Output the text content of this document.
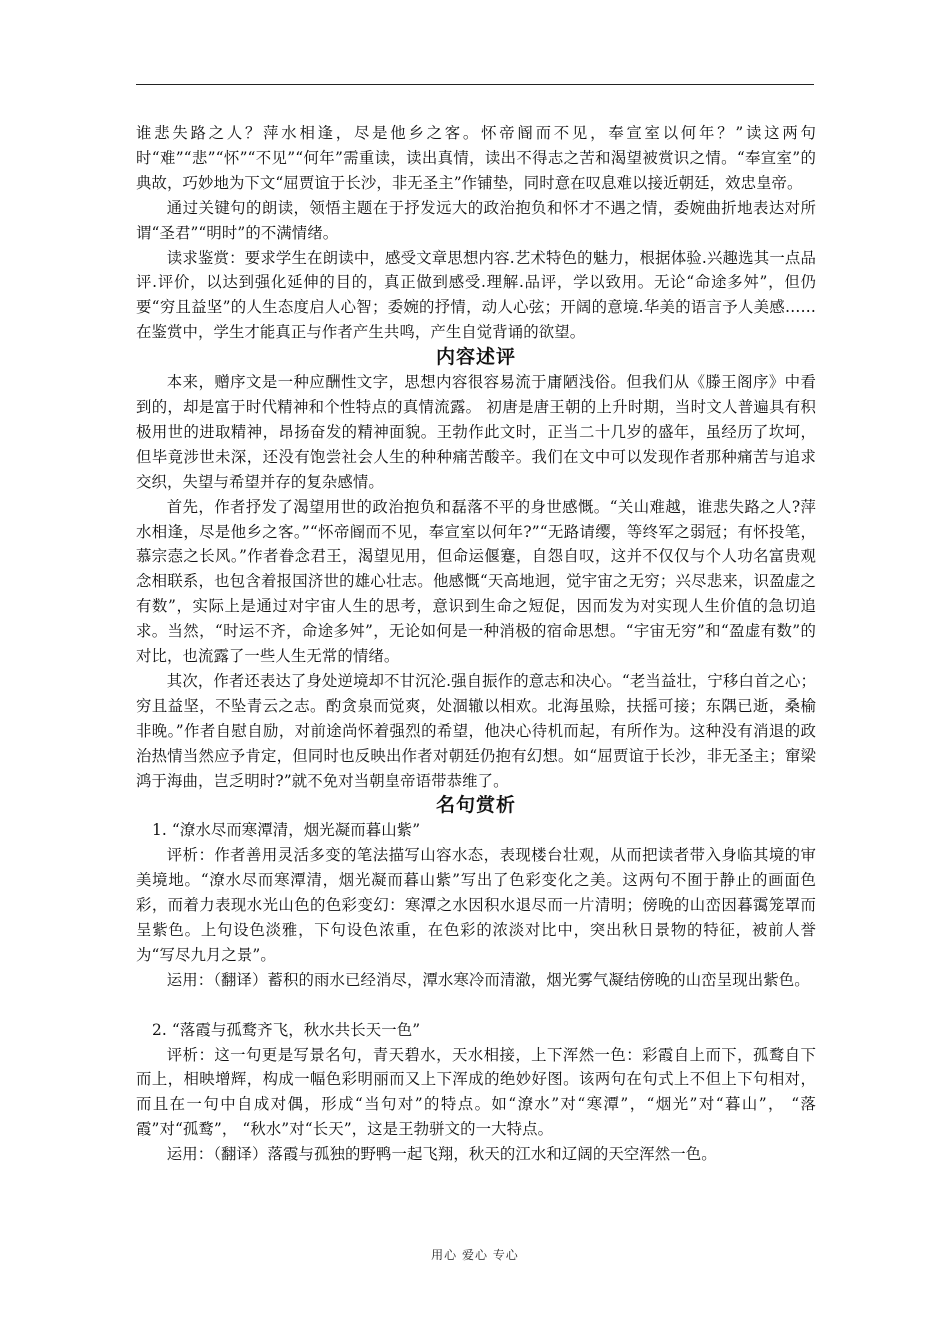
谁悲失路之人？萍水相逢，尽是他乡之客。怀帝阍而不见，奉宣室以何年？”读这两句时“难”“悲”“怀”“不见”“何年”需重读，读出真情，读出不得志之苦和渴望被赏识之情。“奉宣室”的典故，巧妙地为下文“屈贾谊于长沙，非无圣主”作铺垫，同时意在叹息难以接近朝廷，效忠皇帝。

通过关键句的朗读，领悟主题在于抒发远大的政治抱负和怀才不遇之情，委婉曲折地表达对所谓“圣君”“明时”的不满情绪。

读求鉴赏：要求学生在朗读中，感受文章思想内容.艺术特色的魅力，根据体验.兴趣选其一点品评.评价，以达到强化延伸的目的，真正做到感受.理解.品评，学以致用。无论“命途多舛”，但仍要“穷且益坚”的人生态度启人心智；委婉的抒情，动人心弦；开阔的意境.华美的语言予人美感……在鉴赏中，学生才能真正与作者产生共鸣，产生自觉背诵的欲望。

内容述评

本来，赠序文是一种应酬性文字，思想内容很容易流于庸陋浅俗。但我们从《滕王阁序》中看到的，却是富于时代精神和个性特点的真情流露。 初唐是唐王朝的上升时期，当时文人普遍具有积极用世的进取精神，昂扬奋发的精神面貌。王勃作此文时，正当二十几岁的盛年，虽经历了坎坷，但毕竟涉世未深，还没有饱尝社会人生的种种痛苦酸辛。我们在文中可以发现作者那种痛苦与追求交织，失望与希望并存的复杂感情。

首先，作者抒发了渴望用世的政治抱负和磊落不平的身世感慨。“关山难越，谁悲失路之人?萍水相逢，尽是他乡之客。”“怀帝阍而不见，奉宣室以何年?”“无路请缨，等终军之弱冠；有怀投笔，慕宗悫之长风。”作者眷念君王，渴望见用，但命运偃蹇，自怨自叹，这并不仅仅与个人功名富贵观念相联系，也包含着报国济世的雄心壮志。他感慨“天高地迥，觉宇宙之无穷；兴尽悲来，识盈虚之有数”，实际上是通过对宇宙人生的思考，意识到生命之短促，因而发为对实现人生价值的急切追求。当然，“时运不齐，命途多舛”，无论如何是一种消极的宿命思想。“宇宙无穷”和“盈虚有数”的对比，也流露了一些人生无常的情绪。

其次，作者还表达了身处逆境却不甘沉沦.强自振作的意志和决心。“老当益壮，宁移白首之心；穷且益坚，不坠青云之志。酌贪泉而觉爽，处涸辙以相欢。北海虽赊，扶摇可接；东隅已逝，桑榆非晚。”作者自慰自励，对前途尚怀着强烈的希望，他决心待机而起，有所作为。这种没有消退的政治热情当然应予肯定，但同时也反映出作者对朝廷仍抱有幻想。如“屈贾谊于长沙，非无圣主；窜梁鸿于海曲，岂乏明时?”就不免对当朝皇帝语带恭维了。

名句赏析

1. “潦水尽而寒潭清，烟光凝而暮山紫”

评析：作者善用灵活多变的笔法描写山容水态，表现楼台壮观，从而把读者带入身临其境的审美境地。“潦水尽而寒潭清，烟光凝而暮山紫”写出了色彩变化之美。这两句不囿于静止的画面色彩，而着力表现水光山色的色彩变幻：寒潭之水因积水退尽而一片清明；傍晚的山峦因暮霭笼罩而呈紫色。上句设色淡雅，下句设色浓重，在色彩的浓淡对比中，突出秋日景物的特征，被前人誉为“写尽九月之景”。

运用：（翻译）蓄积的雨水已经消尽，潭水寒冷而清澈，烟光雾气凝结傍晚的山峦呈现出紫色。

2. “落霞与孤鹜齐飞，秋水共长天一色”

评析：这一句更是写景名句，青天碧水，天水相接，上下浑然一色：彩霞自上而下，孤鹜自下而上，相映增辉，构成一幅色彩明丽而又上下浑成的绝妙好图。该两句在句式上不但上下句相对，而且在一句中自成对偶，形成“当句对”的特点。如“潦水”对“寒潭”，“烟光”对“暮山”， “落霞”对“孤鹜”， “秋水”对“长天”，这是王勃骈文的一大特点。

运用：（翻译）落霞与孤独的野鸭一起飞翔，秋天的江水和辽阔的天空浑然一色。

用心 爱心 专心
